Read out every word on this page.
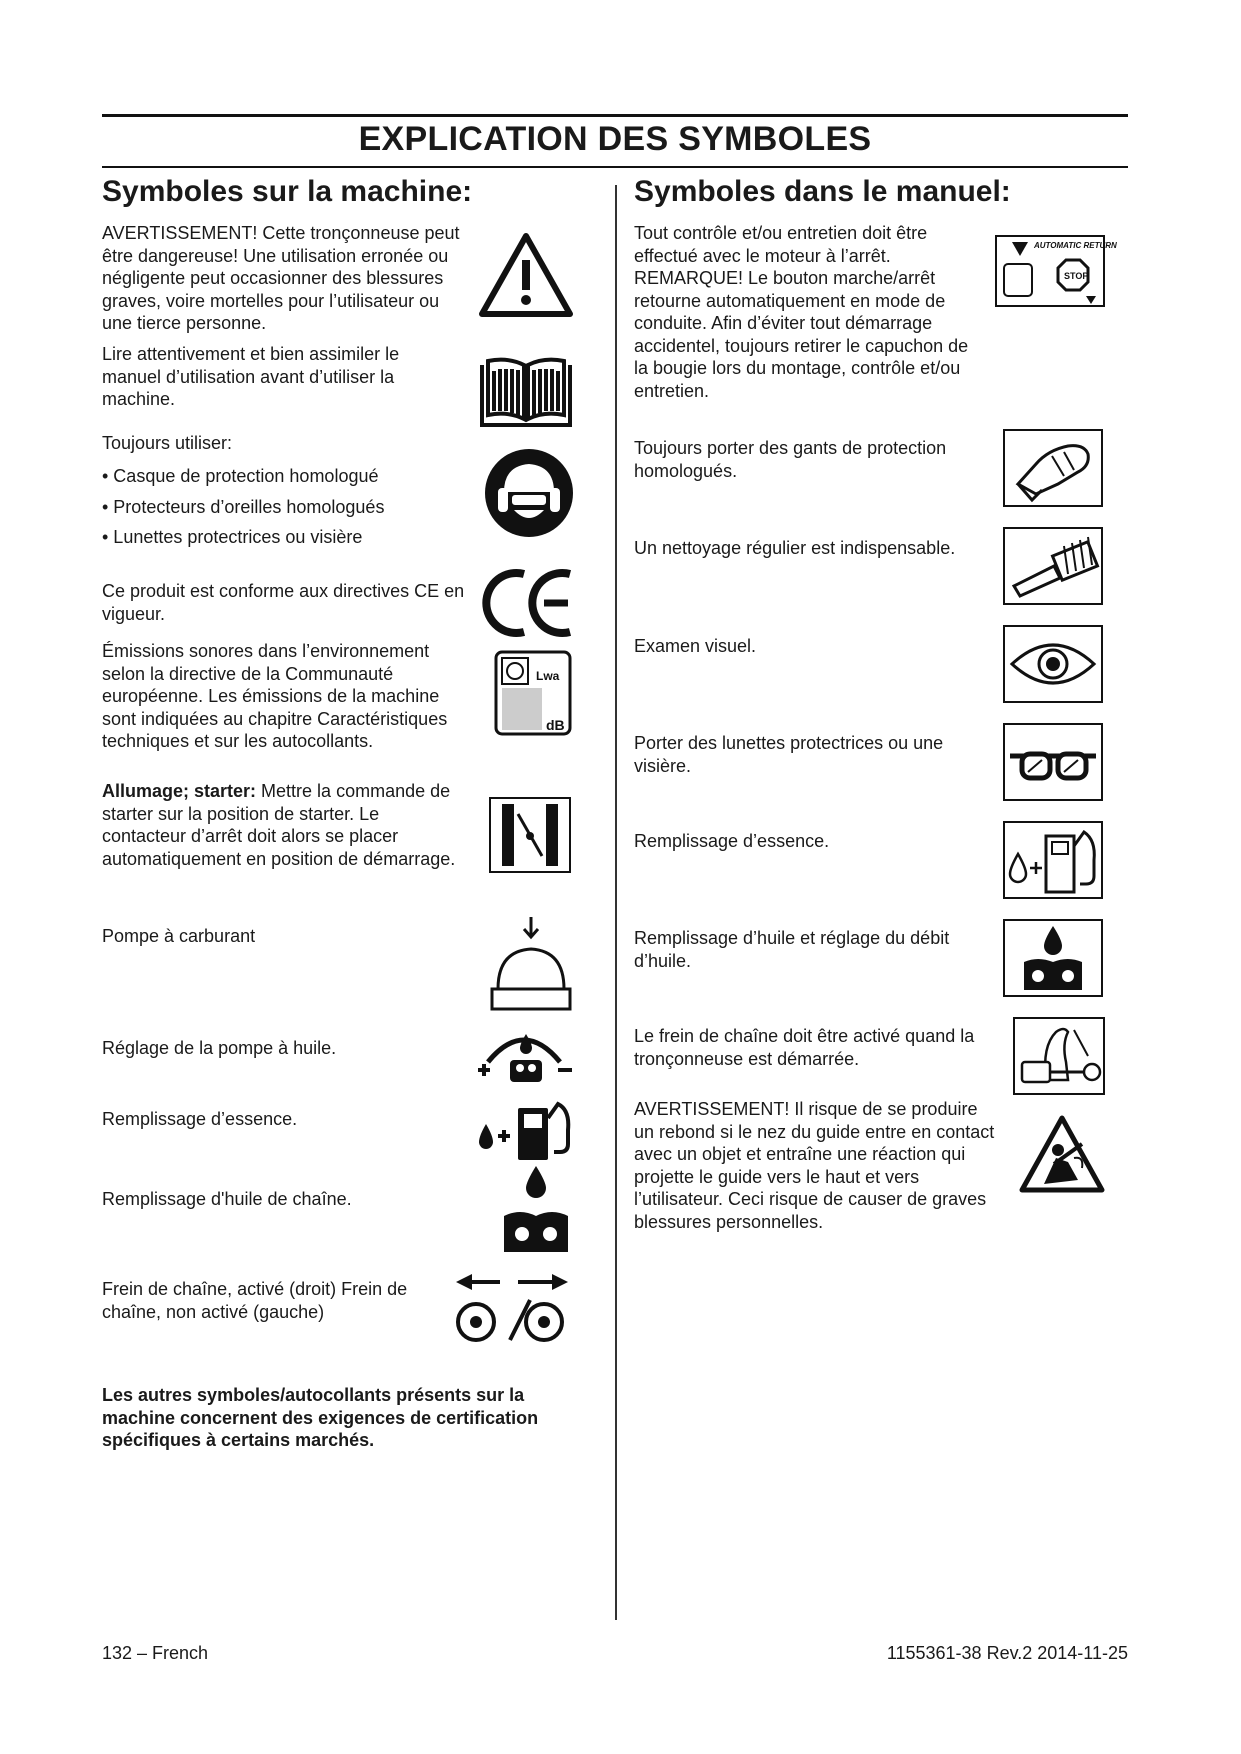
EXPLICATION DES SYMBOLES
Symboles sur la machine:	Symboles dans le manuel:
AVERTISSEMENT! Cette tronçonneuse peut être dangereuse! Une utilisation erronée ou négligente peut occasionner des blessures graves, voire mortelles pour l’utilisateur ou une tierce personne.
Lire attentivement et bien assimiler le manuel d’utilisation avant d’utiliser la machine.
Toujours utiliser:
• Casque de protection homologué
• Protecteurs d’oreilles homologués
• Lunettes protectrices ou visière
Ce produit est conforme aux directives CE en vigueur.
Émissions sonores dans l’environnement selon la directive de la Communauté européenne. Les émissions de la machine sont indiquées au chapitre Caractéristiques techniques et sur les autocollants.
Lwa
dB
Allumage; starter: Mettre la commande de starter sur la position de starter. Le contacteur d’arrêt doit alors se placer automatiquement en position de démarrage.
Pompe à carburant
Réglage de la pompe à huile.
Remplissage d’essence.
Remplissage d'huile de chaîne.
Frein de chaîne, activé (droit) Frein de chaîne, non activé (gauche)
Les autres symboles/autocollants présents sur la machine concernent des exigences de certification spécifiques à certains marchés.
Tout contrôle et/ou entretien doit être effectué avec le moteur à l’arrêt. REMARQUE! Le bouton marche/arrêt retourne automatiquement en mode de conduite. Afin d’éviter tout démarrage accidentel, toujours retirer le capuchon de la bougie lors du montage, contrôle et/ou entretien.
AUTOMATIC RETURN
STOP
Toujours porter des gants de protection homologués.
Un nettoyage régulier est indispensable.
Examen visuel.
Porter des lunettes protectrices ou une visière.
Remplissage d’essence.
Remplissage d’huile et réglage du débit d’huile.
Le frein de chaîne doit être activé quand la tronçonneuse est démarrée.
AVERTISSEMENT! Il risque de se produire un rebond si le nez du guide entre en contact avec un objet et entraîne une réaction qui projette le guide vers le haut et vers l’utilisateur. Ceci risque de causer de graves blessures personnelles.
132 – French	1155361-38 Rev.2 2014-11-25
